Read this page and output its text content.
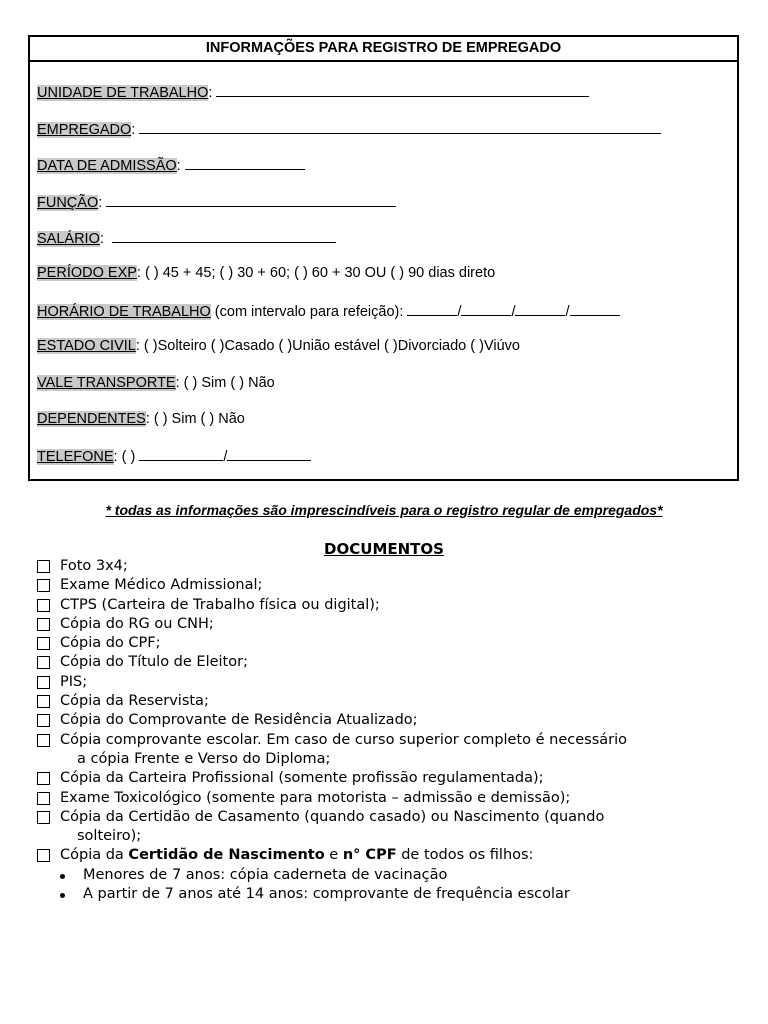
INFORMAÇÕES PARA REGISTRO DE EMPREGADO
UNIDADE DE TRABALHO:
EMPREGADO:
DATA DE ADMISSÃO:
FUNÇÃO:
SALÁRIO:
PERÍODO EXP: ( ) 45 + 45; ( ) 30 + 60; ( ) 60 + 30 OU ( ) 90 dias direto
HORÁRIO DE TRABALHO (com intervalo para refeição):	/	/	/
ESTADO CIVIL: ( )Solteiro ( )Casado ( )União estável ( )Divorciado ( )Viúvo
VALE TRANSPORTE: ( ) Sim ( ) Não
DEPENDENTES: ( ) Sim ( ) Não
TELEFONE: ( )	/
* todas as informações são imprescindíveis para o registro regular de empregados*
DOCUMENTOS
Foto 3x4;
Exame Médico Admissional;
CTPS (Carteira de Trabalho física ou digital);
Cópia do RG ou CNH;
Cópia do CPF;
Cópia do Título de Eleitor;
PIS;
Cópia da Reservista;
Cópia do Comprovante de Residência Atualizado;
Cópia comprovante escolar. Em caso de curso superior completo é necessário
a cópia Frente e Verso do Diploma;
Cópia da Carteira Profissional (somente profissão regulamentada);
Exame Toxicológico (somente para motorista – admissão e demissão);
Cópia da Certidão de Casamento (quando casado) ou Nascimento (quando
solteiro);
Cópia da Certidão de Nascimento e n° CPF de todos os filhos:
Menores de 7 anos: cópia caderneta de vacinação
A partir de 7 anos até 14 anos: comprovante de frequência escolar
